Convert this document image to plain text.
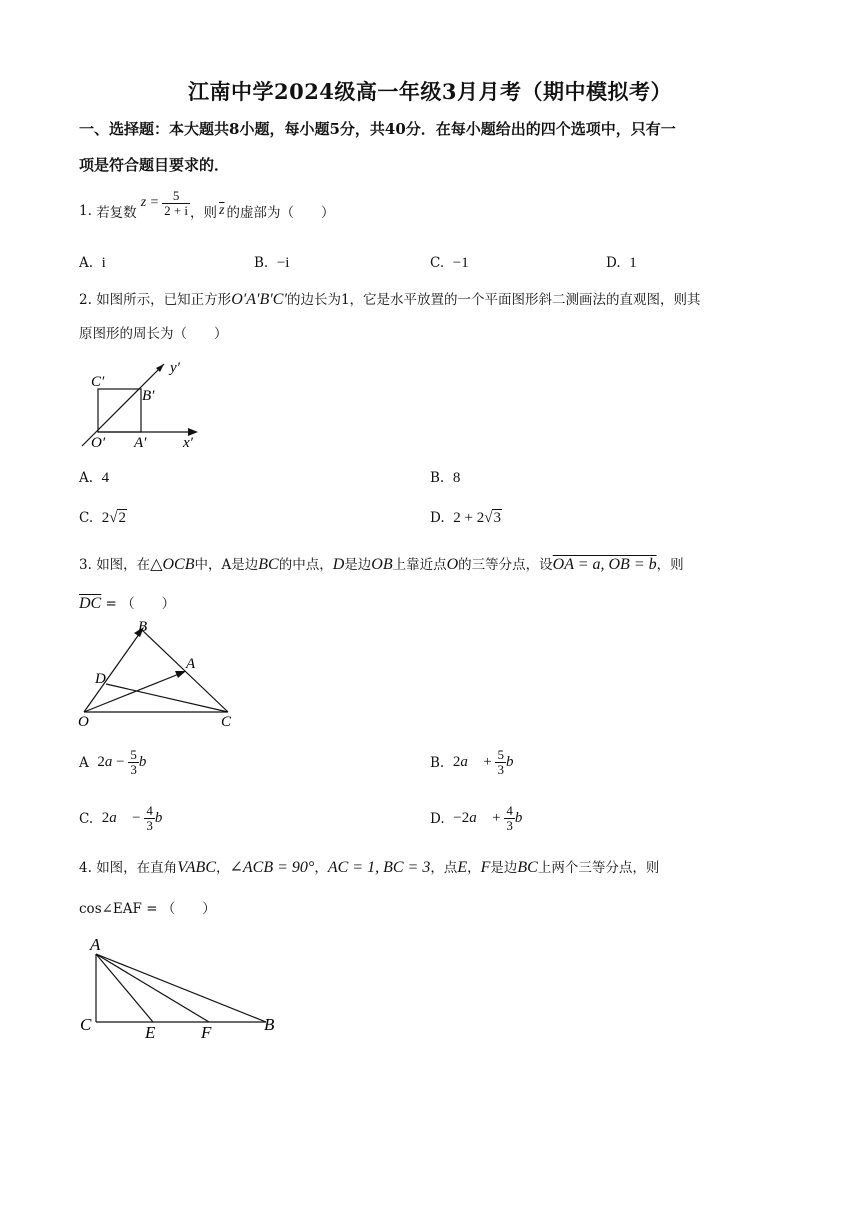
江南中学2024级高一年级3月月考（期中模拟考）
一、选择题：本大题共8小题，每小题5分，共40分．在每小题给出的四个选项中，只有一
项是符合题目要求的．
1.
若复数
$z = \frac{5}{2 + i}$ ，则 $\overline{z}$ 的虚部为（　　）
A. i	B. −i	C. −1	D. 1
2. 如图所示，已知正方形O′A′B′C′的边长为1，它是水平放置的一个平面图形斜二测画法的直观图，则其
原图形的周长为（　　）
C′
B′
O′ A′ x′
y′
A. 4	B. 8
C. 2√2	D. 2 + 2√3
3. 如图，在△OCB中，A是边BC的中点，D是边OB上靠近点O的三等分点，设OA = a, OB = b，则
$\overline{DC}$ = （　　）
B
A
D
O	C
A
2 $a - \frac{5}{3}$ b	B.
2 a⃗ + $\frac{5}{3}$ b⃗
C.
2 a⃗ − $\frac{4}{3}$ b⃗	D.
−2 a⃗ + $\frac{4}{3}$ b⃗
4. 如图，在直角VABC，∠ACB = 90°，AC = 1, BC = 3，点E，F是边BC上两个三等分点，则
cos∠EAF = （　　）
A
C	E	F	B
